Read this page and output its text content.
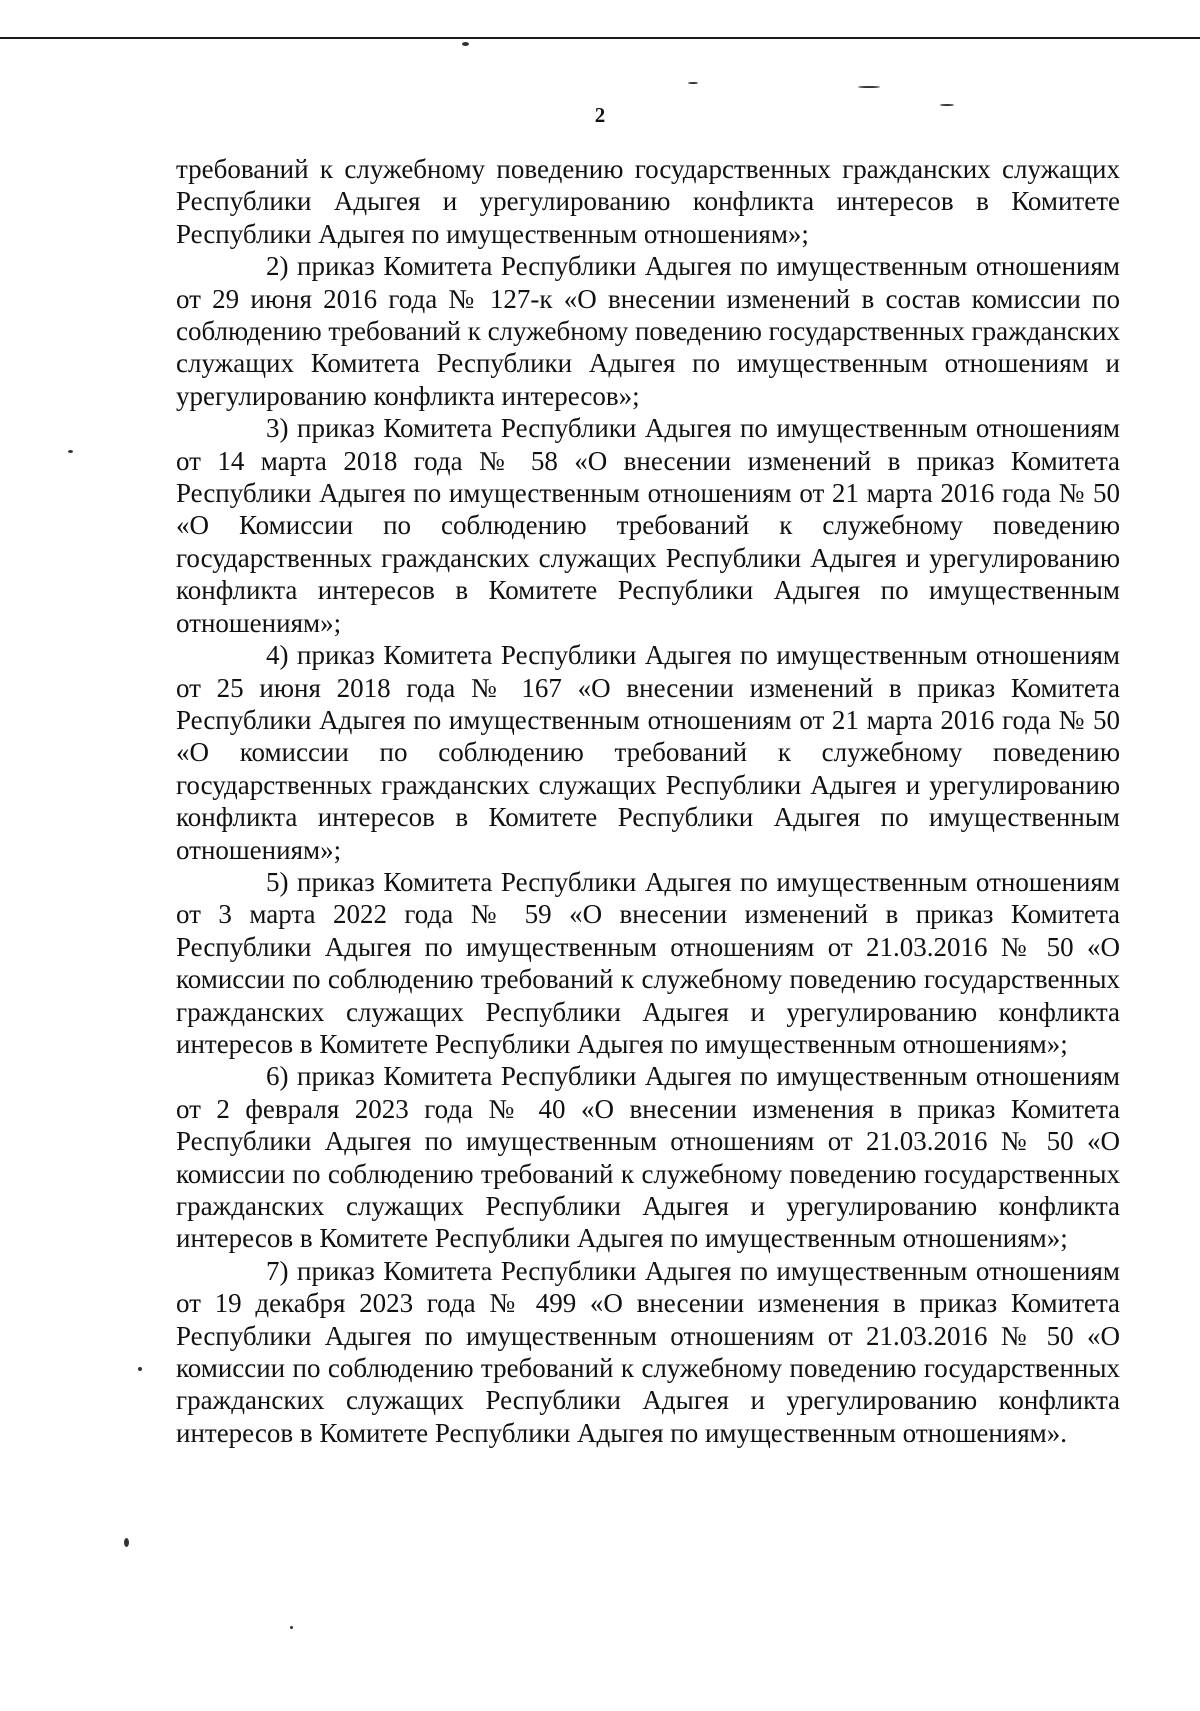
2

требований к служебному поведению государственных гражданских служащих Республики Адыгея и урегулированию конфликта интересов в Комитете Республики Адыгея по имущественным отношениям»;

2) приказ Комитета Республики Адыгея по имущественным отношениям от 29 июня 2016 года № 127-к «О внесении изменений в состав комиссии по соблюдению требований к служебному поведению государственных гражданских служащих Комитета Республики Адыгея по имущественным отношениям и урегулированию конфликта интересов»;

3) приказ Комитета Республики Адыгея по имущественным отношениям от 14 марта 2018 года № 58 «О внесении изменений в приказ Комитета Республики Адыгея по имущественным отношениям от 21 марта 2016 года № 50 «О Комиссии по соблюдению требований к служебному поведению государственных гражданских служащих Республики Адыгея и урегулированию конфликта интересов в Комитете Республики Адыгея по имущественным отношениям»;

4) приказ Комитета Республики Адыгея по имущественным отношениям от 25 июня 2018 года № 167 «О внесении изменений в приказ Комитета Республики Адыгея по имущественным отношениям от 21 марта 2016 года № 50 «О комиссии по соблюдению требований к служебному поведению государственных гражданских служащих Республики Адыгея и урегулированию конфликта интересов в Комитете Республики Адыгея по имущественным отношениям»;

5) приказ Комитета Республики Адыгея по имущественным отношениям от 3 марта 2022 года № 59 «О внесении изменений в приказ Комитета Республики Адыгея по имущественным отношениям от 21.03.2016 № 50 «О комиссии по соблюдению требований к служебному поведению государственных гражданских служащих Республики Адыгея и урегулированию конфликта интересов в Комитете Республики Адыгея по имущественным отношениям»;

6) приказ Комитета Республики Адыгея по имущественным отношениям от 2 февраля 2023 года № 40 «О внесении изменения в приказ Комитета Республики Адыгея по имущественным отношениям от 21.03.2016 № 50 «О комиссии по соблюдению требований к служебному поведению государственных гражданских служащих Республики Адыгея и урегулированию конфликта интересов в Комитете Республики Адыгея по имущественным отношениям»;

7) приказ Комитета Республики Адыгея по имущественным отношениям от 19 декабря 2023 года № 499 «О внесении изменения в приказ Комитета Республики Адыгея по имущественным отношениям от 21.03.2016 № 50 «О комиссии по соблюдению требований к служебному поведению государственных гражданских служащих Республики Адыгея и урегулированию конфликта интересов в Комитете Республики Адыгея по имущественным отношениям».
